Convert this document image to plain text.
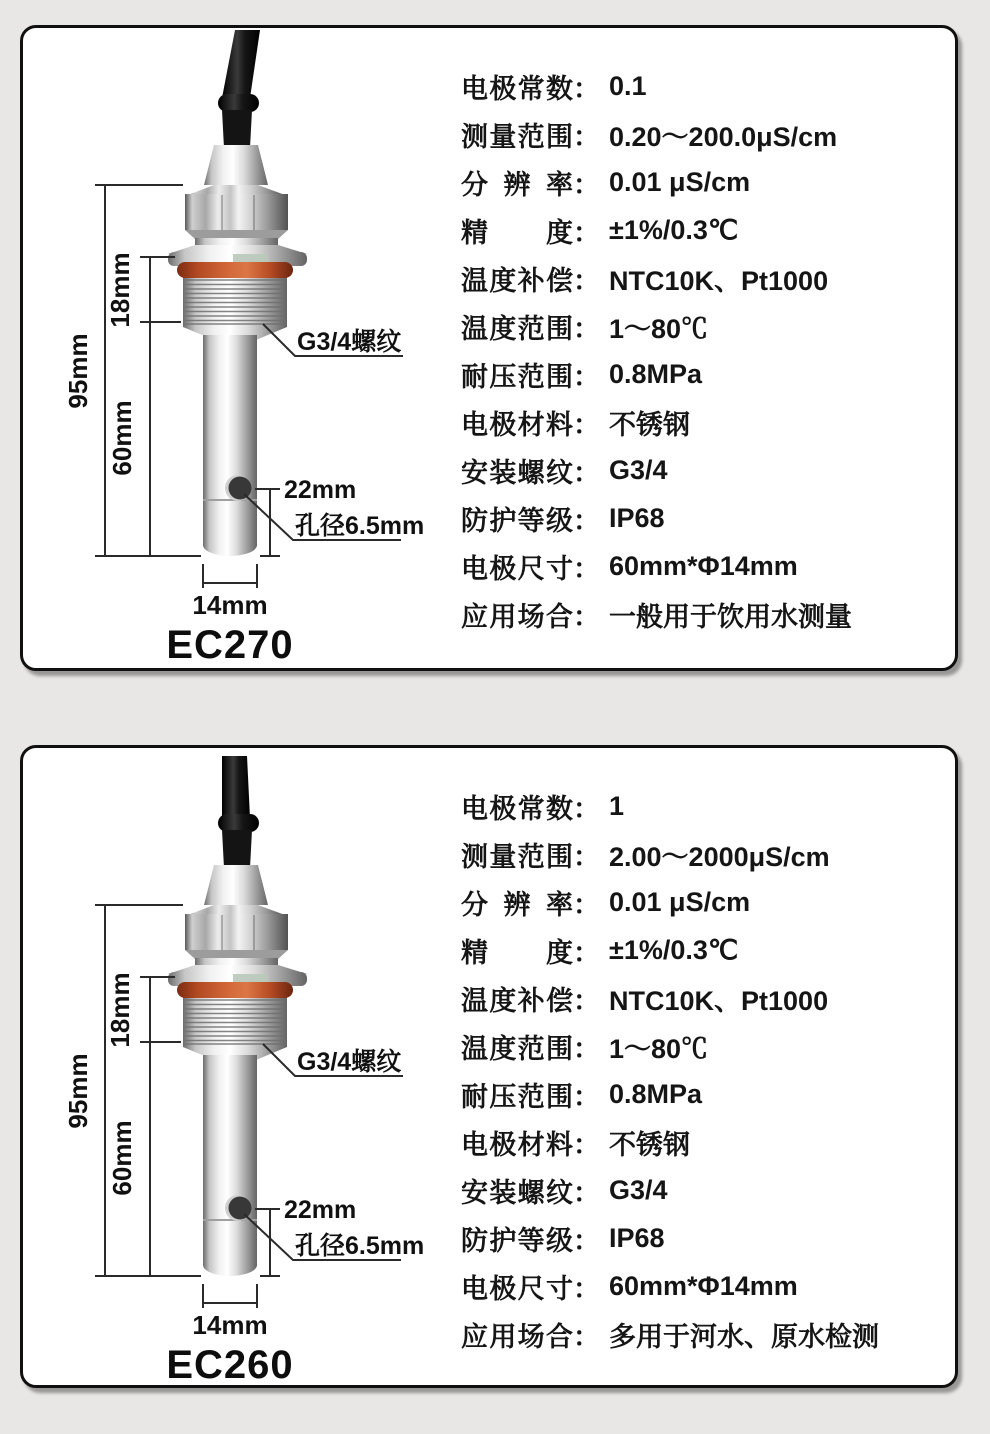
95mm
18mm
60mm
22mm
孔径6.5mm
G3/4螺纹
14mm
EC270
电极常数 ： 0.1
测量范围 ： 0.20～200.0μS/cm
分辨率 ： 0.01 μS/cm
精度 ： ±1%/0.3℃
温度补偿 ： NTC10K、Pt1000
温度范围 ： 1～80℃
耐压范围 ： 0.8MPa
电极材料 ： 不锈钢
安装螺纹 ： G3/4
防护等级 ： IP68
电极尺寸 ： 60mm*Φ14mm
应用场合 ： 一般用于饮用水测量
95mm
18mm
60mm
22mm
孔径6.5mm
G3/4螺纹
14mm
EC260
电极常数 ： 1
测量范围 ： 2.00～2000μS/cm
分辨率 ： 0.01 μS/cm
精度 ： ±1%/0.3℃
温度补偿 ： NTC10K、Pt1000
温度范围 ： 1～80℃
耐压范围 ： 0.8MPa
电极材料 ： 不锈钢
安装螺纹 ： G3/4
防护等级 ： IP68
电极尺寸 ： 60mm*Φ14mm
应用场合 ： 多用于河水、原水检测
